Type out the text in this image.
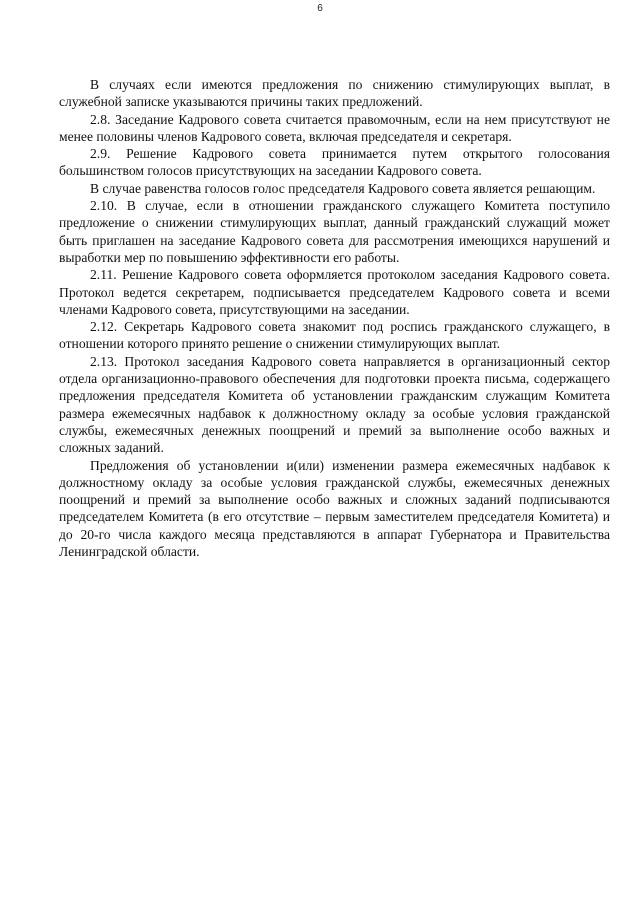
6

В случаях если имеются предложения по снижению стимулирующих выплат, в служебной записке указываются причины таких предложений.

2.8. Заседание Кадрового совета считается правомочным, если на нем присутствуют не менее половины членов Кадрового совета, включая председателя и секретаря.

2.9. Решение Кадрового совета принимается путем открытого голосования большинством голосов присутствующих на заседании Кадрового совета.

В случае равенства голосов голос председателя Кадрового совета является решающим.

2.10. В случае, если в отношении гражданского служащего Комитета поступило предложение о снижении стимулирующих выплат, данный гражданский служащий может быть приглашен на заседание Кадрового совета для рассмотрения имеющихся нарушений и выработки мер по повышению эффективности его работы.

2.11. Решение Кадрового совета оформляется протоколом заседания Кадрового совета. Протокол ведется секретарем, подписывается председателем Кадрового совета и всеми членами Кадрового совета, присутствующими на заседании.

2.12. Секретарь Кадрового совета знакомит под роспись гражданского служащего, в отношении которого принято решение о снижении стимулирующих выплат.

2.13. Протокол заседания Кадрового совета направляется в организационный сектор отдела организационно-правового обеспечения для подготовки проекта письма, содержащего предложения председателя Комитета об установлении гражданским служащим Комитета размера ежемесячных надбавок к должностному окладу за особые условия гражданской службы, ежемесячных денежных поощрений и премий за выполнение особо важных и сложных заданий.

Предложения об установлении и(или) изменении размера ежемесячных надбавок к должностному окладу за особые условия гражданской службы, ежемесячных денежных поощрений и премий за выполнение особо важных и сложных заданий подписываются председателем Комитета (в его отсутствие – первым заместителем председателя Комитета) и до 20-го числа каждого месяца представляются в аппарат Губернатора и Правительства Ленинградской области.
